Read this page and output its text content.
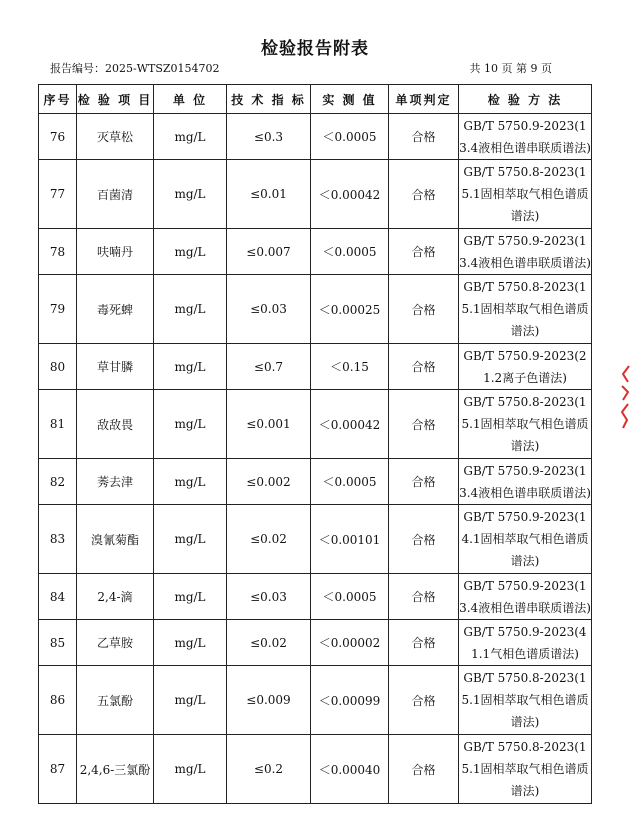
检验报告附表
报告编号：2025-WTSZ0154702	共 10 页 第 9 页
序号	检 验 项 目	单 位	技 术 指 标	实 测 值	单项判定	检 验 方 法
76	灭草松	mg/L	≤0.3	＜0.0005	合格	GB/T 5750.9-2023(13.4液相色谱串联质谱法)
77	百菌清	mg/L	≤0.01	＜0.00042	合格	GB/T 5750.8-2023(15.1固相萃取气相色谱质谱法)
78	呋喃丹	mg/L	≤0.007	＜0.0005	合格	GB/T 5750.9-2023(13.4液相色谱串联质谱法)
79	毒死蜱	mg/L	≤0.03	＜0.00025	合格	GB/T 5750.8-2023(15.1固相萃取气相色谱质谱法)
80	草甘膦	mg/L	≤0.7	＜0.15	合格	GB/T 5750.9-2023(21.2离子色谱法)
81	敌敌畏	mg/L	≤0.001	＜0.00042	合格	GB/T 5750.8-2023(15.1固相萃取气相色谱质谱法)
82	莠去津	mg/L	≤0.002	＜0.0005	合格	GB/T 5750.9-2023(13.4液相色谱串联质谱法)
83	溴氰菊酯	mg/L	≤0.02	＜0.00101	合格	GB/T 5750.9-2023(14.1固相萃取气相色谱质谱法)
84	2,4-滴	mg/L	≤0.03	＜0.0005	合格	GB/T 5750.9-2023(13.4液相色谱串联质谱法)
85	乙草胺	mg/L	≤0.02	＜0.00002	合格	GB/T 5750.9-2023(41.1气相色谱质谱法)
86	五氯酚	mg/L	≤0.009	＜0.00099	合格	GB/T 5750.8-2023(15.1固相萃取气相色谱质谱法)
87	2,4,6-三氯酚	mg/L	≤0.2	＜0.00040	合格	GB/T 5750.8-2023(15.1固相萃取气相色谱质谱法)
